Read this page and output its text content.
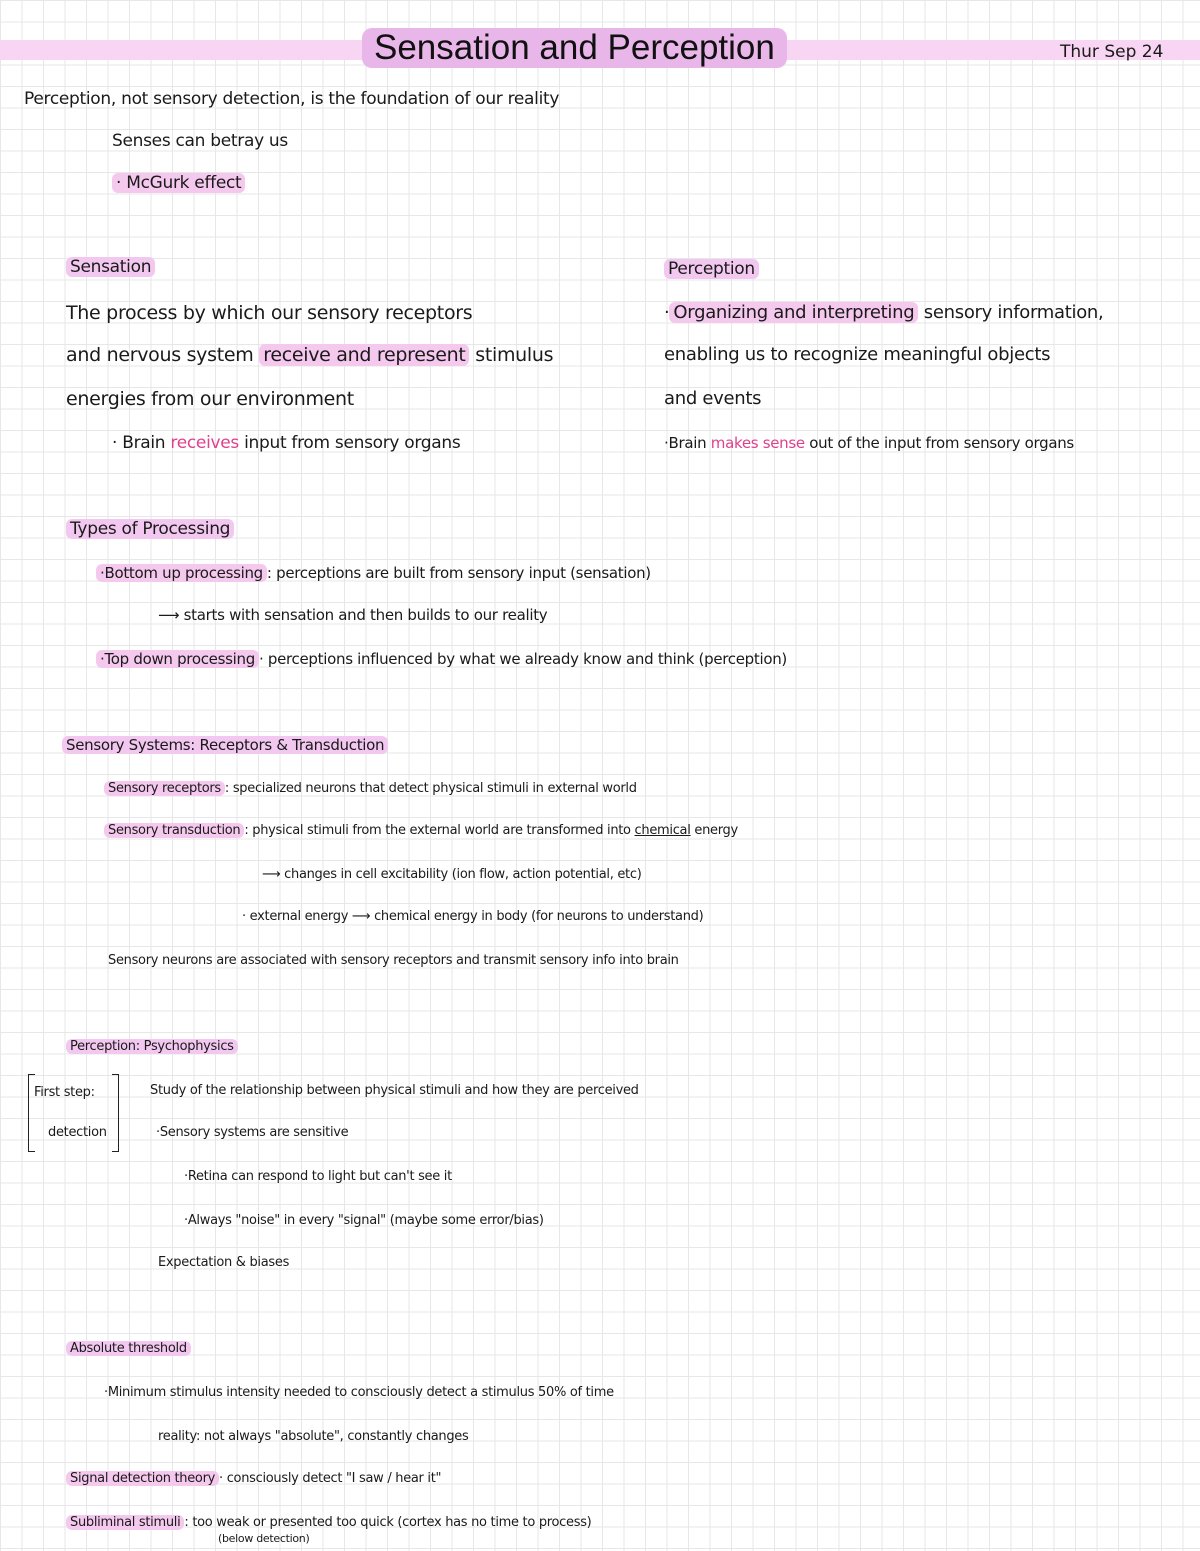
Sensation and Perception	Thur Sep 24
Perception, not sensory detection, is the foundation of our reality
Senses can betray us
· McGurk effect
Sensation
The process by which our sensory receptors
and nervous system receive and represent stimulus
energies from our environment
· Brain receives input from sensory organs
Perception
· Organizing and interpreting sensory information,
enabling us to recognize meaningful objects
and events
·Brain makes sense out of the input from sensory organs
Types of Processing
·Bottom up processing : perceptions are built from sensory input (sensation)
⟶ starts with sensation and then builds to our reality
·Top down processing · perceptions influenced by what we already know and think (perception)
Sensory Systems: Receptors & Transduction
Sensory receptors : specialized neurons that detect physical stimuli in external world
Sensory transduction : physical stimuli from the external world are transformed into chemical energy
⟶ changes in cell excitability (ion flow, action potential, etc)
· external energy ⟶ chemical energy in body (for neurons to understand)
Sensory neurons are associated with sensory receptors and transmit sensory info into brain
Perception: Psychophysics
First step:
detection
Study of the relationship between physical stimuli and how they are perceived
·Sensory systems are sensitive
·Retina can respond to light but can't see it
·Always "noise" in every "signal" (maybe some error/bias)
Expectation & biases
Absolute threshold
·Minimum stimulus intensity needed to consciously detect a stimulus 50% of time
reality: not always "absolute", constantly changes
Signal detection theory · consciously detect "I saw / hear it"
Subliminal stimuli : too weak or presented too quick (cortex has no time to process)
(below detection)
